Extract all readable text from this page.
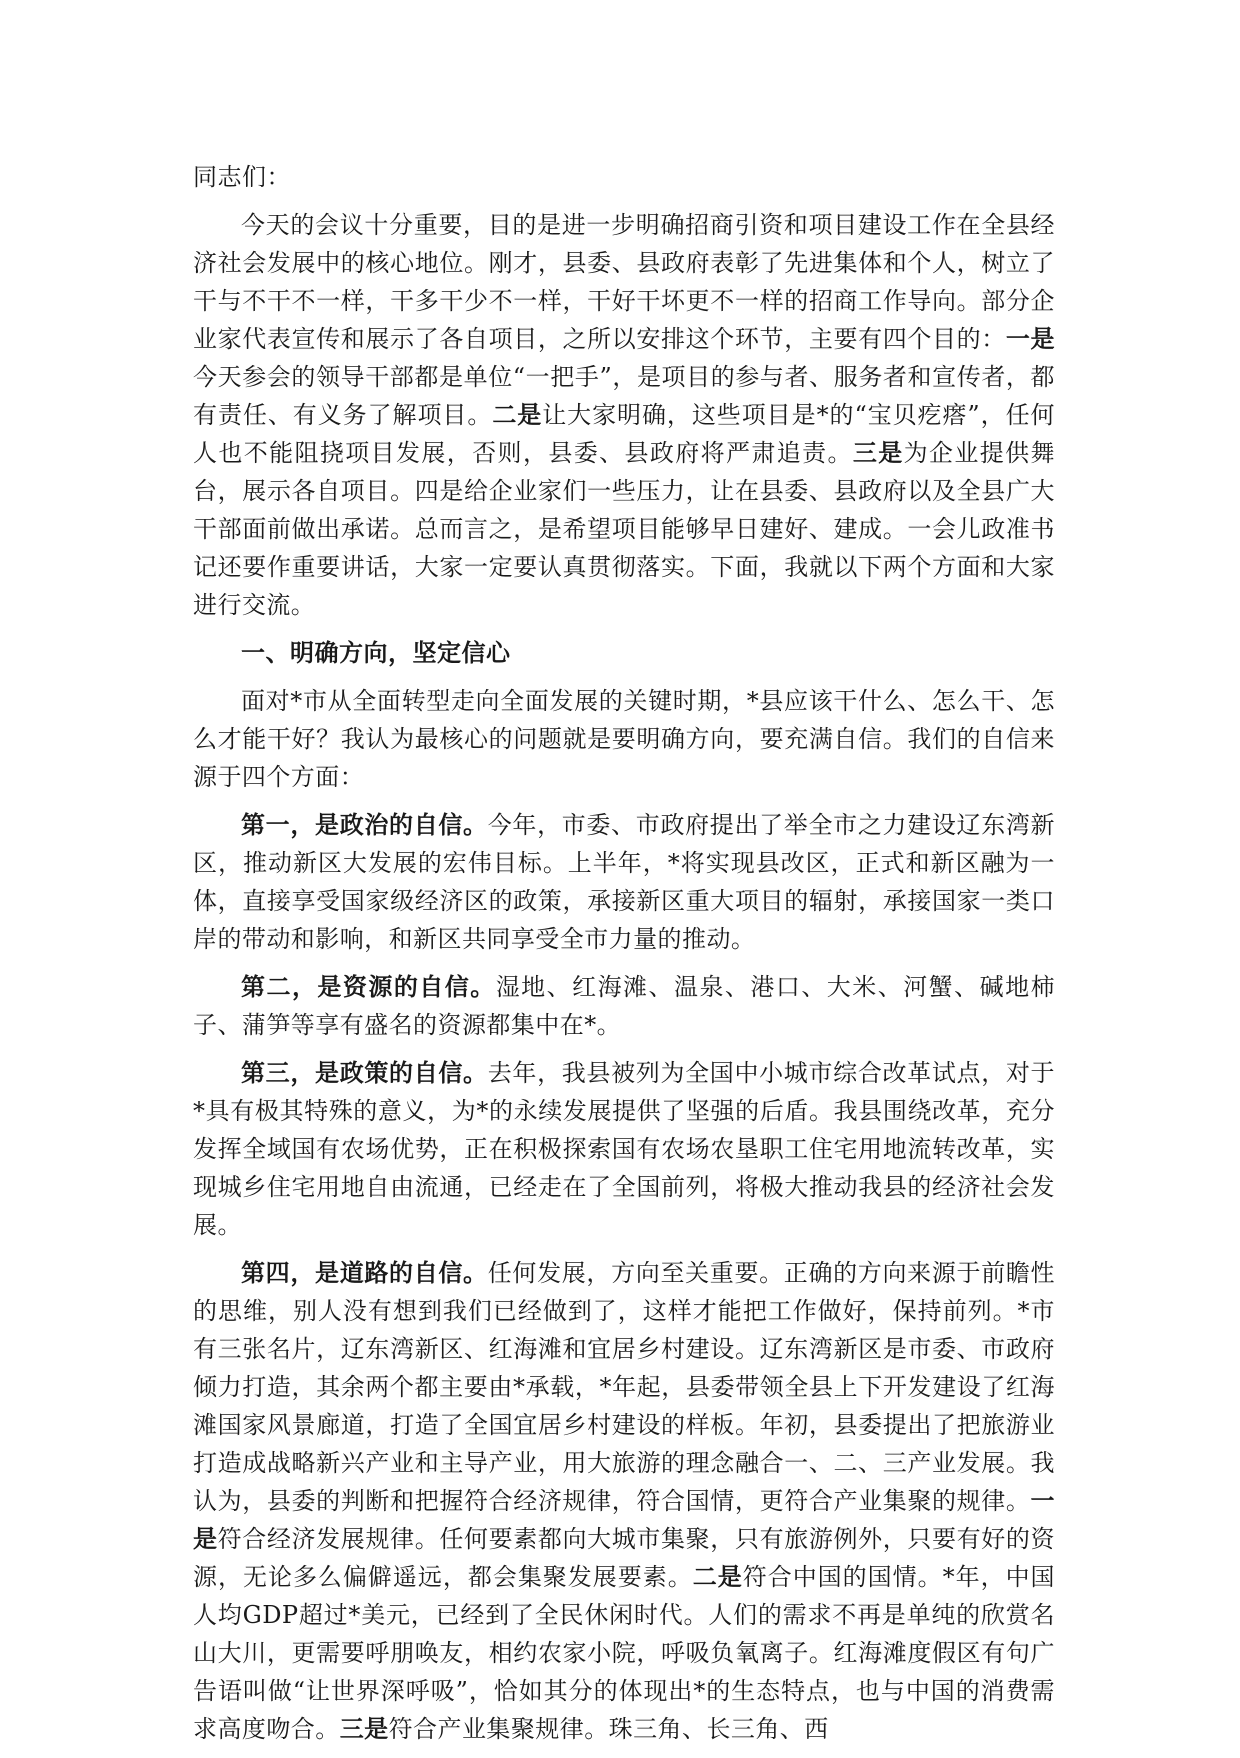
同志们：

今天的会议十分重要，目的是进一步明确招商引资和项目建设工作在全县经济社会发展中的核心地位。刚才，县委、县政府表彰了先进集体和个人，树立了干与不干不一样，干多干少不一样，干好干坏更不一样的招商工作导向。部分企业家代表宣传和展示了各自项目，之所以安排这个环节，主要有四个目的：一是今天参会的领导干部都是单位“一把手”，是项目的参与者、服务者和宣传者，都有责任、有义务了解项目。二是让大家明确，这些项目是*的“宝贝疙瘩”，任何人也不能阻挠项目发展，否则，县委、县政府将严肃追责。三是为企业提供舞台，展示各自项目。四是给企业家们一些压力，让在县委、县政府以及全县广大干部面前做出承诺。总而言之，是希望项目能够早日建好、建成。一会儿政准书记还要作重要讲话，大家一定要认真贯彻落实。下面，我就以下两个方面和大家进行交流。

一、明确方向，坚定信心

面对*市从全面转型走向全面发展的关键时期，*县应该干什么、怎么干、怎么才能干好？我认为最核心的问题就是要明确方向，要充满自信。我们的自信来源于四个方面：

第一，是政治的自信。今年，市委、市政府提出了举全市之力建设辽东湾新区，推动新区大发展的宏伟目标。上半年，*将实现县改区，正式和新区融为一体，直接享受国家级经济区的政策，承接新区重大项目的辐射，承接国家一类口岸的带动和影响，和新区共同享受全市力量的推动。

第二，是资源的自信。湿地、红海滩、温泉、港口、大米、河蟹、碱地柿子、蒲笋等享有盛名的资源都集中在*。

第三，是政策的自信。去年，我县被列为全国中小城市综合改革试点，对于*具有极其特殊的意义，为*的永续发展提供了坚强的后盾。我县围绕改革，充分发挥全域国有农场优势，正在积极探索国有农场农垦职工住宅用地流转改革，实现城乡住宅用地自由流通，已经走在了全国前列，将极大推动我县的经济社会发展。

第四，是道路的自信。任何发展，方向至关重要。正确的方向来源于前瞻性的思维，别人没有想到我们已经做到了，这样才能把工作做好，保持前列。*市有三张名片，辽东湾新区、红海滩和宜居乡村建设。辽东湾新区是市委、市政府倾力打造，其余两个都主要由*承载，*年起，县委带领全县上下开发建设了红海滩国家风景廊道，打造了全国宜居乡村建设的样板。年初，县委提出了把旅游业打造成战略新兴产业和主导产业，用大旅游的理念融合一、二、三产业发展。我认为，县委的判断和把握符合经济规律，符合国情，更符合产业集聚的规律。一是符合经济发展规律。任何要素都向大城市集聚，只有旅游例外，只要有好的资源，无论多么偏僻遥远，都会集聚发展要素。二是符合中国的国情。*年，中国人均GDP超过*美元，已经到了全民休闲时代。人们的需求不再是单纯的欣赏名山大川，更需要呼朋唤友，相约农家小院，呼吸负氧离子。红海滩度假区有句广告语叫做“让世界深呼吸”，恰如其分的体现出*的生态特点，也与中国的消费需求高度吻合。三是符合产业集聚规律。珠三角、长三角、西
